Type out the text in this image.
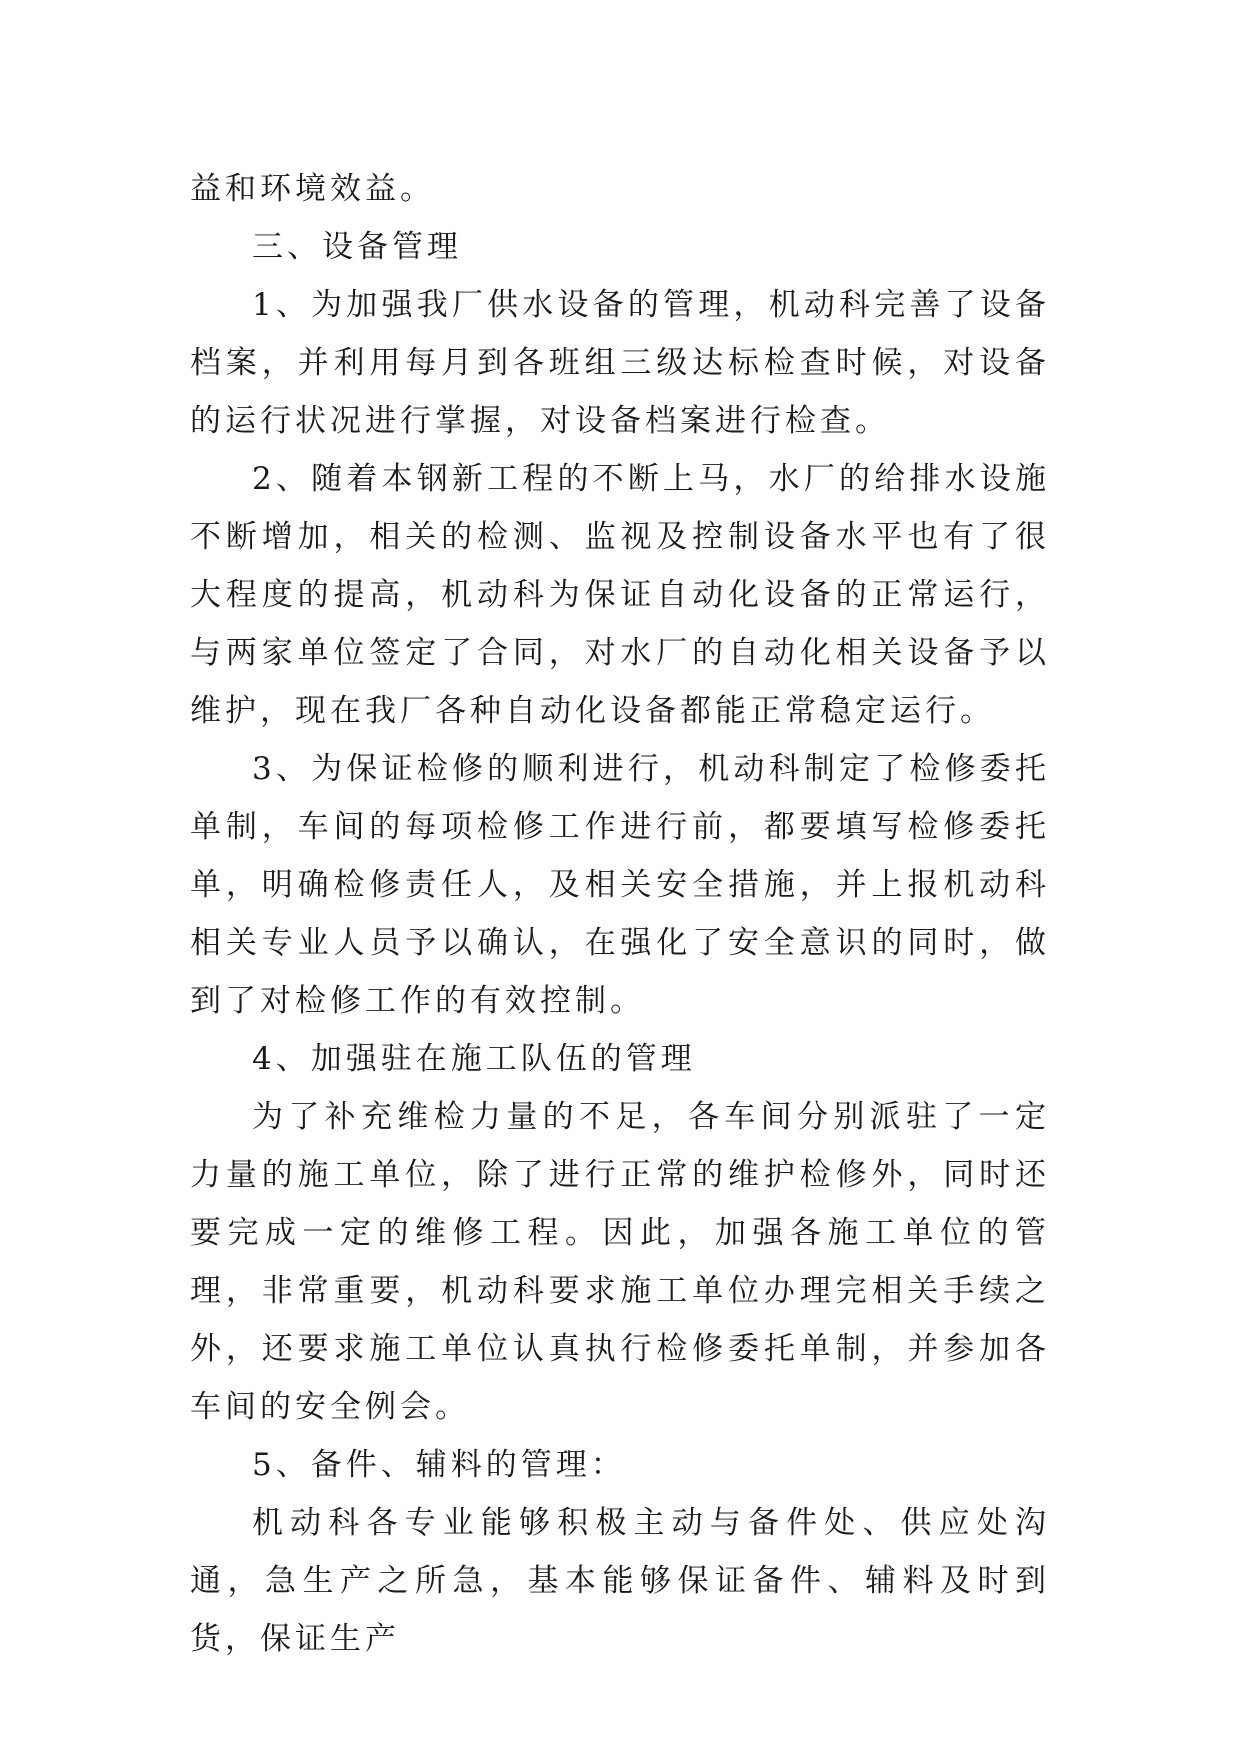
益和环境效益。

三、设备管理

1、为加强我厂供水设备的管理，机动科完善了设备档案，并利用每月到各班组三级达标检查时候，对设备的运行状况进行掌握，对设备档案进行检查。

2、随着本钢新工程的不断上马，水厂的给排水设施不断增加，相关的检测、监视及控制设备水平也有了很大程度的提高，机动科为保证自动化设备的正常运行，与两家单位签定了合同，对水厂的自动化相关设备予以维护，现在我厂各种自动化设备都能正常稳定运行。

3、为保证检修的顺利进行，机动科制定了检修委托单制，车间的每项检修工作进行前，都要填写检修委托单，明确检修责任人，及相关安全措施，并上报机动科相关专业人员予以确认，在强化了安全意识的同时，做到了对检修工作的有效控制。

4、加强驻在施工队伍的管理

为了补充维检力量的不足，各车间分别派驻了一定力量的施工单位，除了进行正常的维护检修外，同时还要完成一定的维修工程。因此，加强各施工单位的管理，非常重要，机动科要求施工单位办理完相关手续之外，还要求施工单位认真执行检修委托单制，并参加各车间的安全例会。

5、备件、辅料的管理：

机动科各专业能够积极主动与备件处、供应处沟通，急生产之所急，基本能够保证备件、辅料及时到货，保证生产
